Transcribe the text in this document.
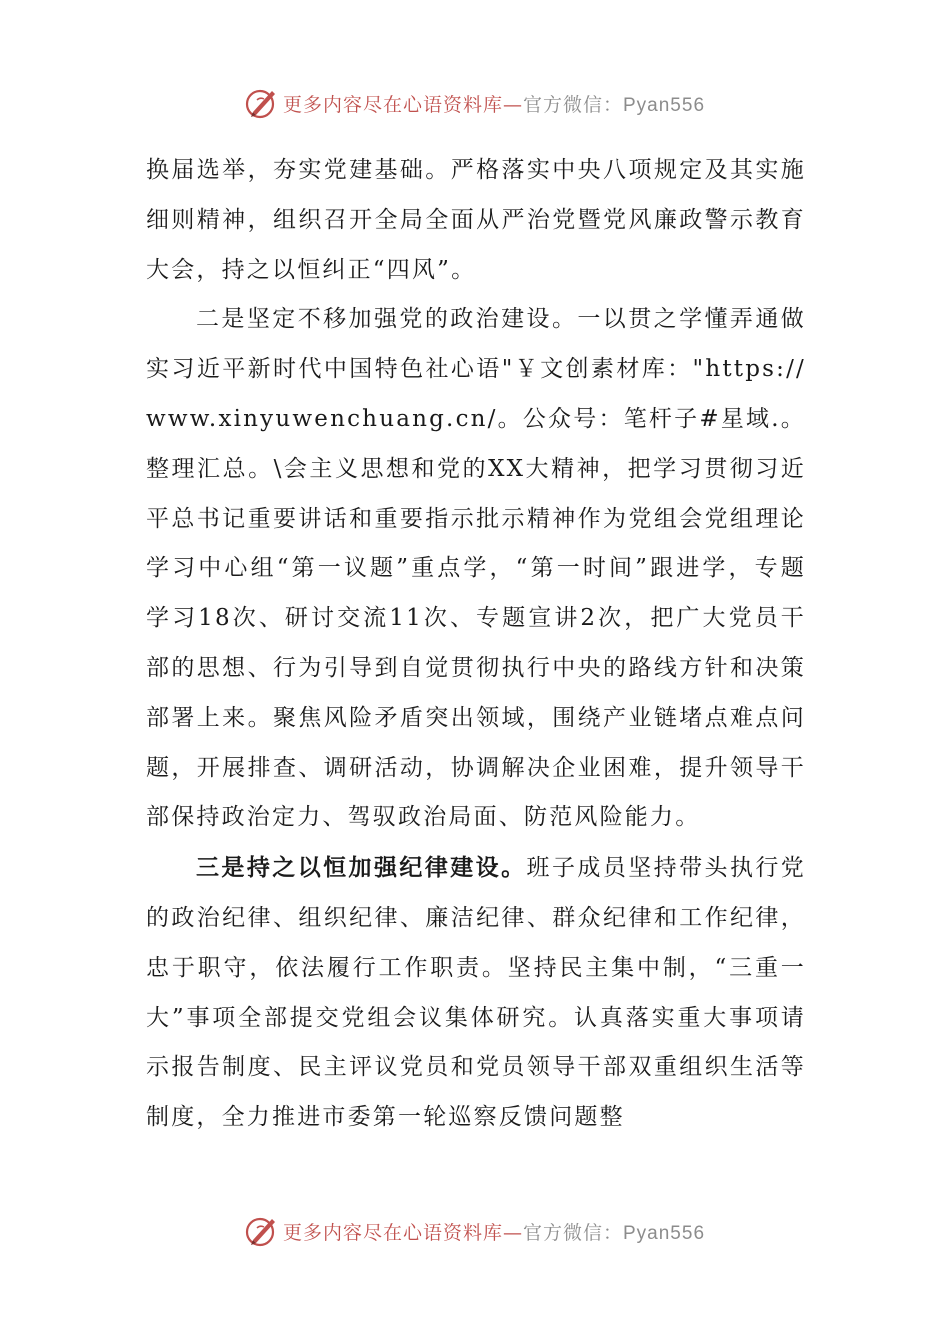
更多内容尽在心语资料库—官方微信：Pyan556

换届选举，夯实党建基础。严格落实中央八项规定及其实施细则精神，组织召开全局全面从严治党暨党风廉政警示教育大会，持之以恒纠正“四风”。

二是坚定不移加强党的政治建设。一以贯之学懂弄通做实习近平新时代中国特色社心语"￥文创素材库："https://www.xinyuwenchuang.cn/。公众号：笔杆子#星域.。整理汇总。\会主义思想和党的XX大精神，把学习贯彻习近平总书记重要讲话和重要指示批示精神作为党组会党组理论学习中心组“第一议题”重点学，“第一时间”跟进学，专题学习18次、研讨交流11次、专题宣讲2次，把广大党员干部的思想、行为引导到自觉贯彻执行中央的路线方针和决策部署上来。聚焦风险矛盾突出领域，围绕产业链堵点难点问题，开展排查、调研活动，协调解决企业困难，提升领导干部保持政治定力、驾驭政治局面、防范风险能力。

三是持之以恒加强纪律建设。班子成员坚持带头执行党的政治纪律、组织纪律、廉洁纪律、群众纪律和工作纪律，忠于职守，依法履行工作职责。坚持民主集中制，“三重一大”事项全部提交党组会议集体研究。认真落实重大事项请示报告制度、民主评议党员和党员领导干部双重组织生活等制度，全力推进市委第一轮巡察反馈问题整

更多内容尽在心语资料库—官方微信：Pyan556
